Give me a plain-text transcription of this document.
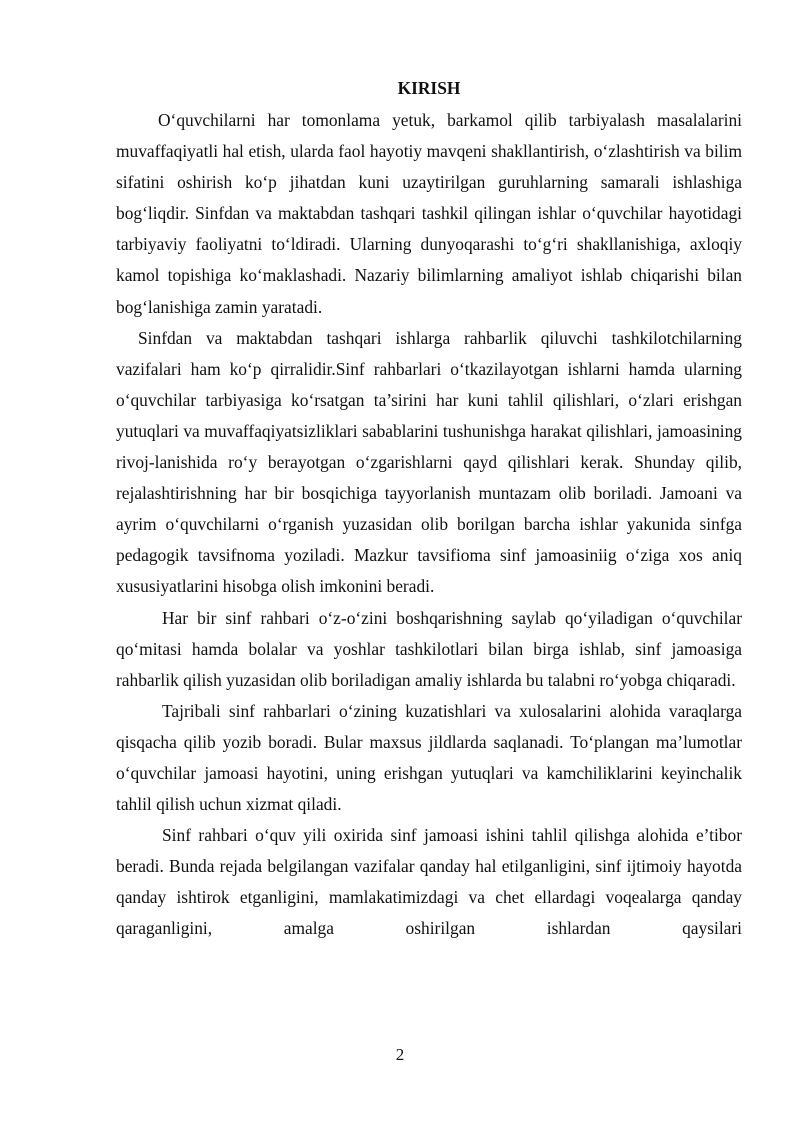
KIRISH

O‘quvchilarni har tomonlama yetuk, barkamol qilib tarbiyalash masalalarini muvaffaqiyatli hal etish, ularda faol hayotiy mavqeni shakllantirish, o‘zlashtirish va bilim sifatini oshirish ko‘p jihatdan kuni uzaytirilgan guruhlarning samarali ishlashiga bog‘liqdir. Sinfdan va maktabdan tashqari tashkil qilingan ishlar o‘quvchilar hayotidagi tarbiyaviy faoliyatni to‘ldiradi. Ularning dunyoqarashi to‘g‘ri shakllanishiga, axloqiy kamol topishiga ko‘maklashadi. Nazariy bilimlarning amaliyot ishlab chiqarishi bilan bog‘lanishiga zamin yaratadi.

Sinfdan va maktabdan tashqari ishlarga rahbarlik qiluvchi tashkilotchilarning vazifalari ham ko‘p qirralidir.Sinf rahbarlari o‘tkazilayotgan ishlarni hamda ularning o‘quvchilar tarbiyasiga ko‘rsatgan ta’sirini har kuni tahlil qilishlari, o‘zlari erishgan yutuqlari va muvaffaqiyatsizliklari sabablarini tushunishga harakat qilishlari, jamoasining rivoj-lanishida ro‘y berayotgan o‘zgarishlarni qayd qilishlari kerak. Shunday qilib, rejalashtirishning har bir bosqichiga tayyorlanish muntazam olib boriladi. Jamoani va ayrim o‘quvchilarni o‘rganish yuzasidan olib borilgan barcha ishlar yakunida sinfga pedagogik tavsifnoma yoziladi. Mazkur tavsifioma sinf jamoasiniig o‘ziga xos aniq xususiyatlarini hisobga olish imkonini beradi.

Har bir sinf rahbari o‘z-o‘zini boshqarishning saylab qo‘yiladigan o‘quvchilar qo‘mitasi hamda bolalar va yoshlar tashkilotlari bilan birga ishlab, sinf jamoasiga rahbarlik qilish yuzasidan olib boriladigan amaliy ishlarda bu talabni ro‘yobga chiqaradi.

Tajribali sinf rahbarlari o‘zining kuzatishlari va xulosalarini alohida varaqlarga qisqacha qilib yozib boradi. Bular maxsus jildlarda saqlanadi. To‘plangan ma’lumotlar o‘quvchilar jamoasi hayotini, uning erishgan yutuqlari va kamchiliklarini keyinchalik tahlil qilish uchun xizmat qiladi.

Sinf rahbari o‘quv yili oxirida sinf jamoasi ishini tahlil qilishga alohida e’tibor beradi. Bunda rejada belgilangan vazifalar qanday hal etilganligini, sinf ijtimoiy hayotda qanday ishtirok etganligini, mamlakatimizdagi va chet ellardagi voqealarga qanday qaraganligini, amalga oshirilgan ishlardan qaysilari

2
